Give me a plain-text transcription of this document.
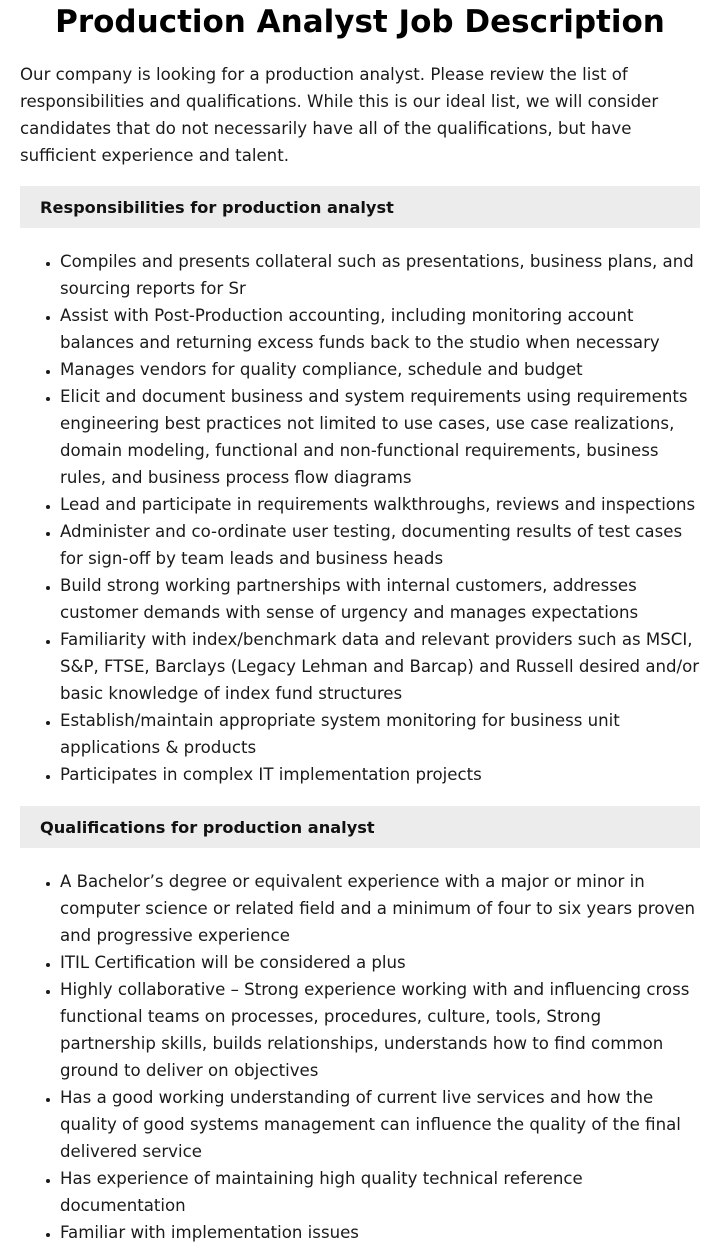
Production Analyst Job Description

Our company is looking for a production analyst. Please review the list of responsibilities and qualifications. While this is our ideal list, we will consider candidates that do not necessarily have all of the qualifications, but have sufficient experience and talent.

Responsibilities for production analyst
• Compiles and presents collateral such as presentations, business plans, and sourcing reports for Sr
• Assist with Post-Production accounting, including monitoring account balances and returning excess funds back to the studio when necessary
• Manages vendors for quality compliance, schedule and budget
• Elicit and document business and system requirements using requirements engineering best practices not limited to use cases, use case realizations, domain modeling, functional and non-functional requirements, business rules, and business process flow diagrams
• Lead and participate in requirements walkthroughs, reviews and inspections
• Administer and co-ordinate user testing, documenting results of test cases for sign-off by team leads and business heads
• Build strong working partnerships with internal customers, addresses customer demands with sense of urgency and manages expectations
• Familiarity with index/benchmark data and relevant providers such as MSCI, S&P, FTSE, Barclays (Legacy Lehman and Barcap) and Russell desired and/or basic knowledge of index fund structures
• Establish/maintain appropriate system monitoring for business unit applications & products
• Participates in complex IT implementation projects
Qualifications for production analyst
• A Bachelor’s degree or equivalent experience with a major or minor in computer science or related field and a minimum of four to six years proven and progressive experience
• ITIL Certification will be considered a plus
• Highly collaborative – Strong experience working with and influencing cross functional teams on processes, procedures, culture, tools, Strong partnership skills, builds relationships, understands how to find common ground to deliver on objectives
• Has a good working understanding of current live services and how the quality of good systems management can influence the quality of the final delivered service
• Has experience of maintaining high quality technical reference documentation
• Familiar with implementation issues
